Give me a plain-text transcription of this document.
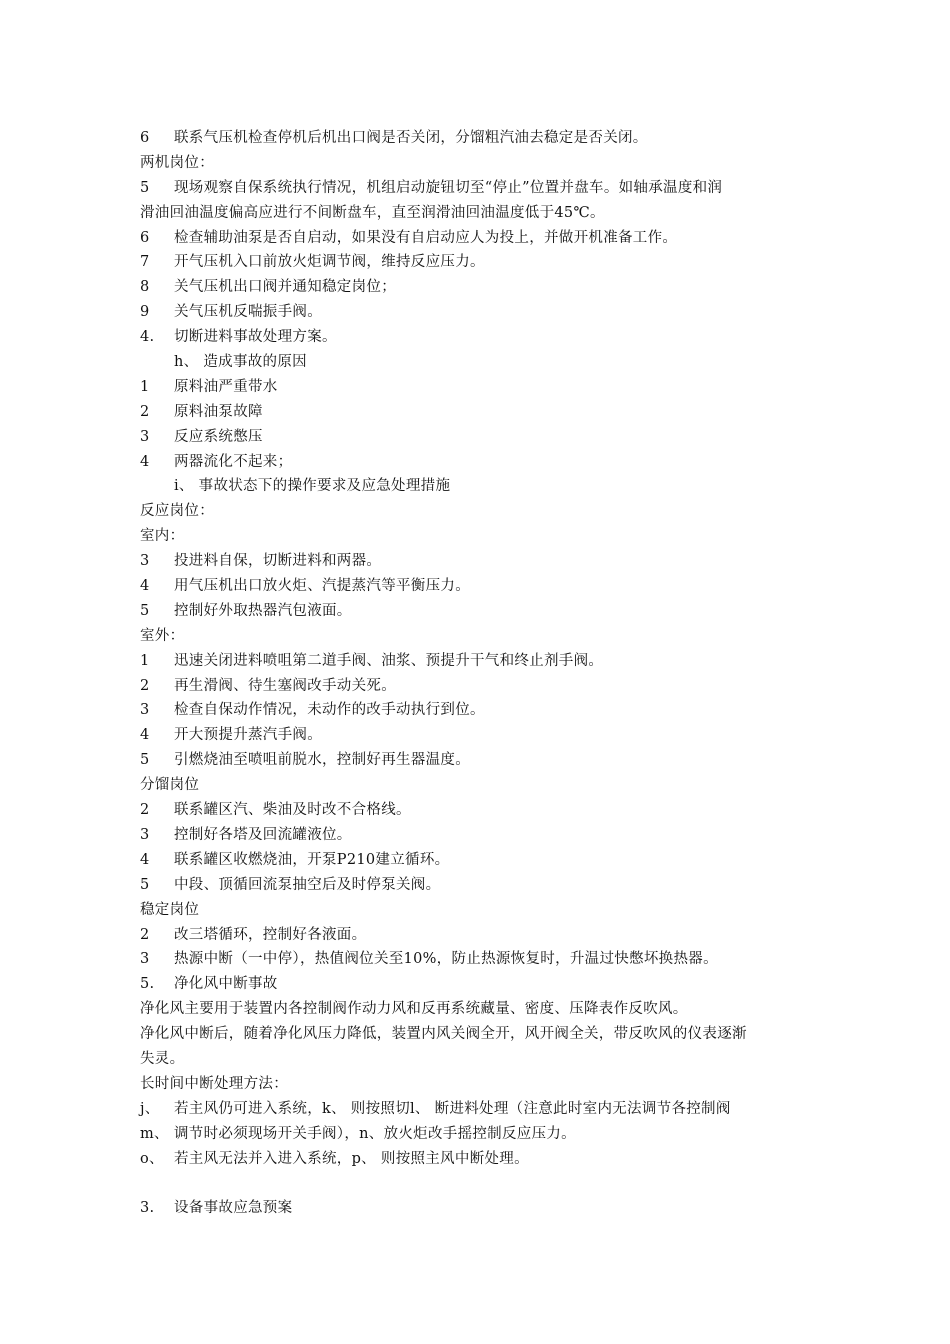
6 联系气压机检查停机后机出口阀是否关闭，分馏粗汽油去稳定是否关闭。
两机岗位：
5 现场观察自保系统执行情况，机组启动旋钮切至“停止”位置并盘车。如轴承温度和润
滑油回油温度偏高应进行不间断盘车，直至润滑油回油温度低于45℃。
6 检查辅助油泵是否自启动，如果没有自启动应人为投上，并做开机准备工作。
7 开气压机入口前放火炬调节阀，维持反应压力。
8 关气压机出口阀并通知稳定岗位；
9 关气压机反喘振手阀。
4. 切断进料事故处理方案。
h、 造成事故的原因
1 原料油严重带水
2 原料油泵故障
3 反应系统憋压
4 两器流化不起来；
i、 事故状态下的操作要求及应急处理措施
反应岗位：
室内：
3 投进料自保，切断进料和两器。
4 用气压机出口放火炬、汽提蒸汽等平衡压力。
5 控制好外取热器汽包液面。
室外：
1 迅速关闭进料喷咀第二道手阀、油浆、预提升干气和终止剂手阀。
2 再生滑阀、待生塞阀改手动关死。
3 检查自保动作情况，未动作的改手动执行到位。
4 开大预提升蒸汽手阀。
5 引燃烧油至喷咀前脱水，控制好再生器温度。
分馏岗位
2 联系罐区汽、柴油及时改不合格线。
3 控制好各塔及回流罐液位。
4 联系罐区收燃烧油，开泵P210建立循环。
5 中段、顶循回流泵抽空后及时停泵关阀。
稳定岗位
2 改三塔循环，控制好各液面。
3 热源中断（一中停），热值阀位关至10%，防止热源恢复时，升温过快憋坏换热器。
5. 净化风中断事故
净化风主要用于装置内各控制阀作动力风和反再系统藏量、密度、压降表作反吹风。
净化风中断后，随着净化风压力降低，装置内风关阀全开，风开阀全关，带反吹风的仪表逐渐
失灵。
长时间中断处理方法：
j、 若主风仍可进入系统，k、 则按照切l、 断进料处理（注意此时室内无法调节各控制阀
m、 调节时必须现场开关手阀），n、放火炬改手摇控制反应压力。
o、 若主风无法并入进入系统，p、 则按照主风中断处理。
3. 设备事故应急预案
